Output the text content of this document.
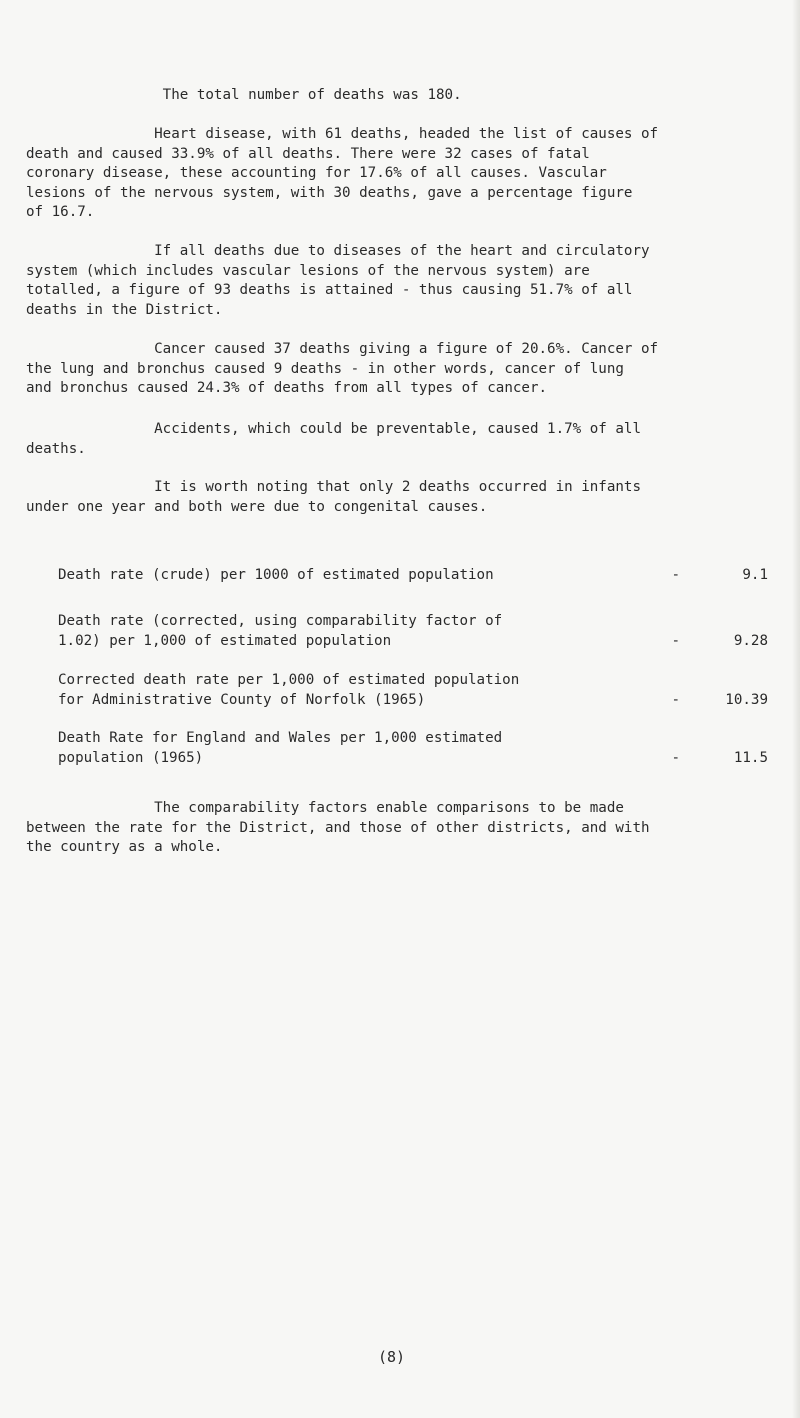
The total number of deaths was 180.

Heart disease, with 61 deaths, headed the list of causes of
death and caused 33.9% of all deaths. There were 32 cases of fatal
coronary disease, these accounting for 17.6% of all causes. Vascular
lesions of the nervous system, with 30 deaths, gave a percentage figure
of 16.7.

If all deaths due to diseases of the heart and circulatory
system (which includes vascular lesions of the nervous system) are
totalled, a figure of 93 deaths is attained - thus causing 51.7% of all
deaths in the District.

Cancer caused 37 deaths giving a figure of 20.6%. Cancer of
the lung and bronchus caused 9 deaths - in other words, cancer of lung
and bronchus caused 24.3% of deaths from all types of cancer.

Accidents, which could be preventable, caused 1.7% of all
deaths.

It is worth noting that only 2 deaths occurred in infants
under one year and both were due to congenital causes.

Death rate (crude) per 1000 of estimated population	-	9.1
Death rate (corrected, using comparability factor of
1.02) per 1,000 of estimated population	-	9.28
Corrected death rate per 1,000 of estimated population
for Administrative County of Norfolk (1965)	-	10.39
Death Rate for England and Wales per 1,000 estimated
population (1965)	-	11.5

The comparability factors enable comparisons to be made
between the rate for the District, and those of other districts, and with
the country as a whole.

(8)
